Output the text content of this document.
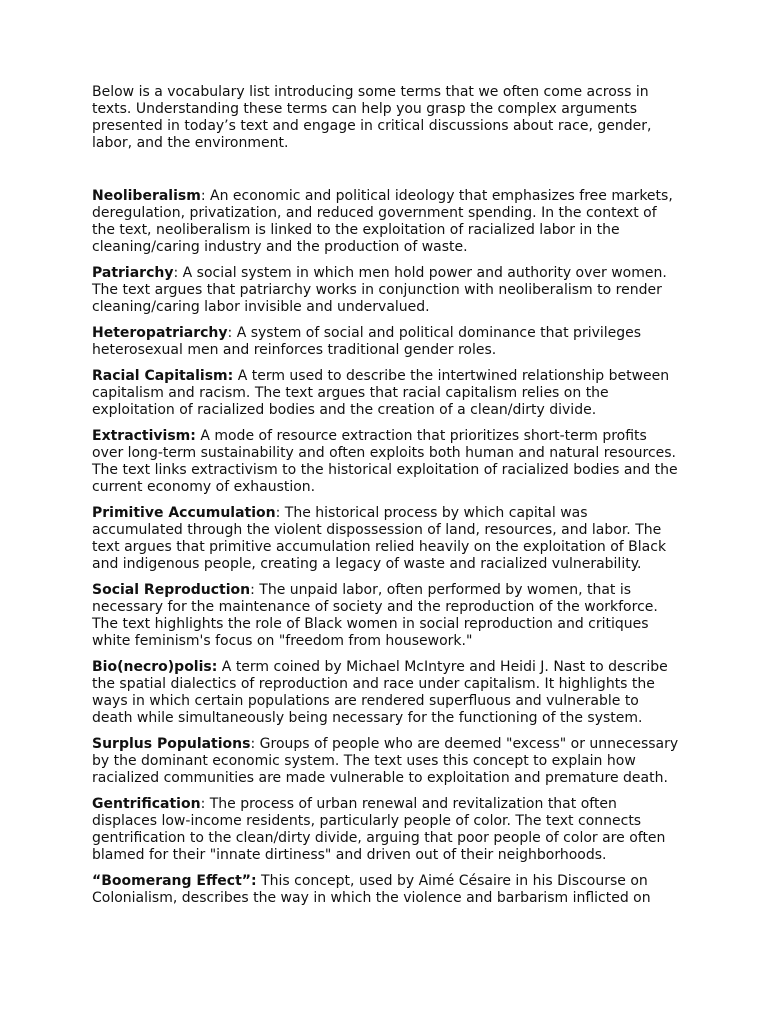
Below is a vocabulary list introducing some terms that we often come across in texts. Understanding these terms can help you grasp the complex arguments presented in today’s text and engage in critical discussions about race, gender, labor, and the environment.

Neoliberalism: An economic and political ideology that emphasizes free markets, deregulation, privatization, and reduced government spending. In the context of the text, neoliberalism is linked to the exploitation of racialized labor in the cleaning/caring industry and the production of waste.

Patriarchy: A social system in which men hold power and authority over women. The text argues that patriarchy works in conjunction with neoliberalism to render cleaning/caring labor invisible and undervalued.

Heteropatriarchy: A system of social and political dominance that privileges heterosexual men and reinforces traditional gender roles.

Racial Capitalism: A term used to describe the intertwined relationship between capitalism and racism. The text argues that racial capitalism relies on the exploitation of racialized bodies and the creation of a clean/dirty divide.

Extractivism: A mode of resource extraction that prioritizes short-term profits over long-term sustainability and often exploits both human and natural resources. The text links extractivism to the historical exploitation of racialized bodies and the current economy of exhaustion.

Primitive Accumulation: The historical process by which capital was accumulated through the violent dispossession of land, resources, and labor. The text argues that primitive accumulation relied heavily on the exploitation of Black and indigenous people, creating a legacy of waste and racialized vulnerability.

Social Reproduction: The unpaid labor, often performed by women, that is necessary for the maintenance of society and the reproduction of the workforce. The text highlights the role of Black women in social reproduction and critiques white feminism's focus on "freedom from housework."

Bio(necro)polis: A term coined by Michael McIntyre and Heidi J. Nast to describe the spatial dialectics of reproduction and race under capitalism. It highlights the ways in which certain populations are rendered superfluous and vulnerable to death while simultaneously being necessary for the functioning of the system.

Surplus Populations: Groups of people who are deemed "excess" or unnecessary by the dominant economic system. The text uses this concept to explain how racialized communities are made vulnerable to exploitation and premature death.

Gentrification: The process of urban renewal and revitalization that often displaces low-income residents, particularly people of color. The text connects gentrification to the clean/dirty divide, arguing that poor people of color are often blamed for their "innate dirtiness" and driven out of their neighborhoods.

“Boomerang Effect”: This concept, used by Aimé Césaire in his Discourse on Colonialism, describes the way in which the violence and barbarism inflicted on
